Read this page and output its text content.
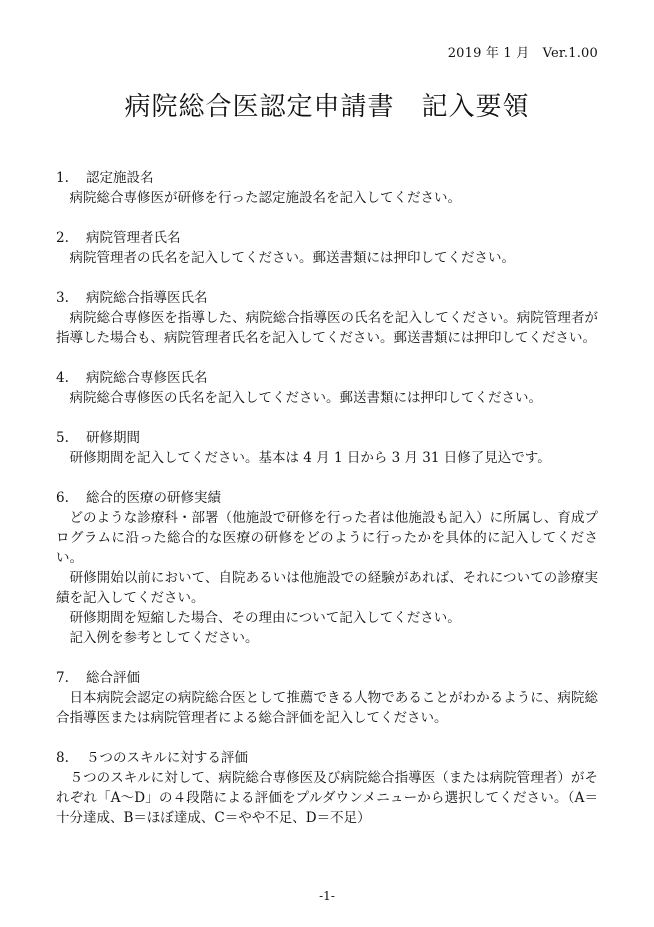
2019 年 1 月　Ver.1.00
病院総合医認定申請書　記入要領
1.	認定施設名

病院総合専修医が研修を行った認定施設名を記入してください。

2.	病院管理者氏名

病院管理者の氏名を記入してください。郵送書類には押印してください。

3.	病院総合指導医氏名

病院総合専修医を指導した、病院総合指導医の氏名を記入してください。病院管理者が指導した場合も、病院管理者氏名を記入してください。郵送書類には押印してください。

4.	病院総合専修医氏名

病院総合専修医の氏名を記入してください。郵送書類には押印してください。

5.	研修期間

研修期間を記入してください。基本は 4 月 1 日から 3 月 31 日修了見込です。

6.	総合的医療の研修実績

どのような診療科・部署（他施設で研修を行った者は他施設も記入）に所属し、育成プログラムに沿った総合的な医療の研修をどのように行ったかを具体的に記入してください。

研修開始以前において、自院あるいは他施設での経験があれば、それについての診療実績を記入してください。

研修期間を短縮した場合、その理由について記入してください。

記入例を参考としてください。

7.	総合評価

日本病院会認定の病院総合医として推薦できる人物であることがわかるように、病院総合指導医または病院管理者による総合評価を記入してください。

8.	５つのスキルに対する評価

５つのスキルに対して、病院総合専修医及び病院総合指導医（または病院管理者）がそれぞれ「A～D」の４段階による評価をプルダウンメニューから選択してください。（A＝十分達成、B＝ほぼ達成、C＝やや不足、D＝不足）

-1-
